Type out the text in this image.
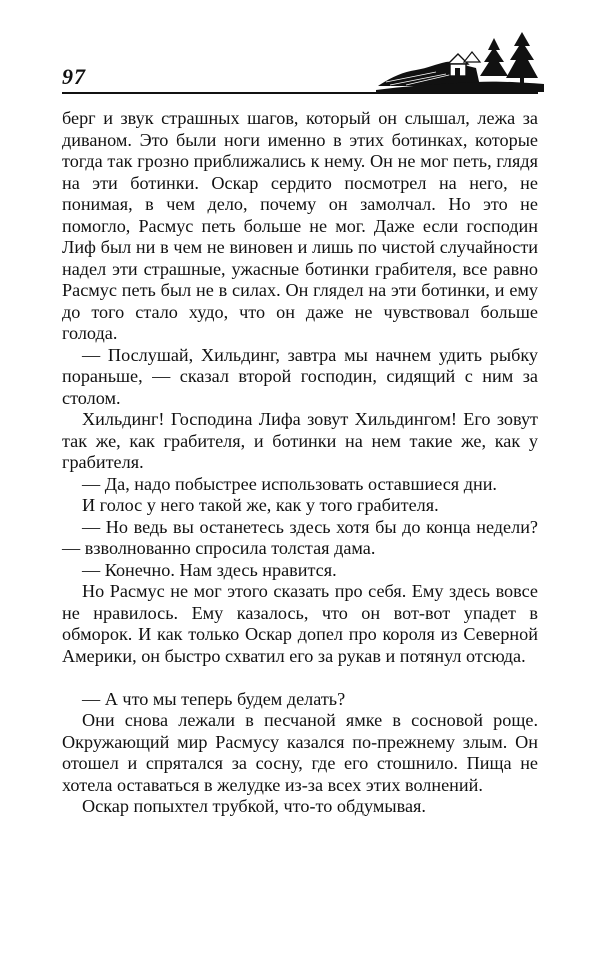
97

берг и звук страшных шагов, который он слышал, лежа за диваном. Это были ноги именно в этих ботинках, которые тогда так грозно приближались к нему. Он не мог петь, глядя на эти ботинки. Оскар сердито посмотрел на него, не понимая, в чем дело, почему он замолчал. Но это не помогло, Расмус петь больше не мог. Даже если господин Лиф был ни в чем не виновен и лишь по чистой случайности надел эти страшные, ужасные ботинки грабителя, все равно Расмус петь был не в силах. Он глядел на эти ботинки, и ему до того стало худо, что он даже не чувствовал больше голода.

— Послушай, Хильдинг, завтра мы начнем удить рыбку пораньше, — сказал второй господин, сидящий с ним за столом.

Хильдинг! Господина Лифа зовут Хильдингом! Его зовут так же, как грабителя, и ботинки на нем такие же, как у грабителя.

— Да, надо побыстрее использовать оставшиеся дни.

И голос у него такой же, как у того грабителя.

— Но ведь вы останетесь здесь хотя бы до конца недели? — взволнованно спросила толстая дама.

— Конечно. Нам здесь нравится.

Но Расмус не мог этого сказать про себя. Ему здесь вовсе не нравилось. Ему казалось, что он вот-вот упадет в обморок. И как только Оскар допел про короля из Северной Америки, он быстро схватил его за рукав и потянул отсюда.

— А что мы теперь будем делать?

Они снова лежали в песчаной ямке в сосновой роще. Окружающий мир Расмусу казался по-прежнему злым. Он отошел и спрятался за сосну, где его стошнило. Пища не хотела оставаться в желудке из-за всех этих волнений.

Оскар попыхтел трубкой, что-то обдумывая.
